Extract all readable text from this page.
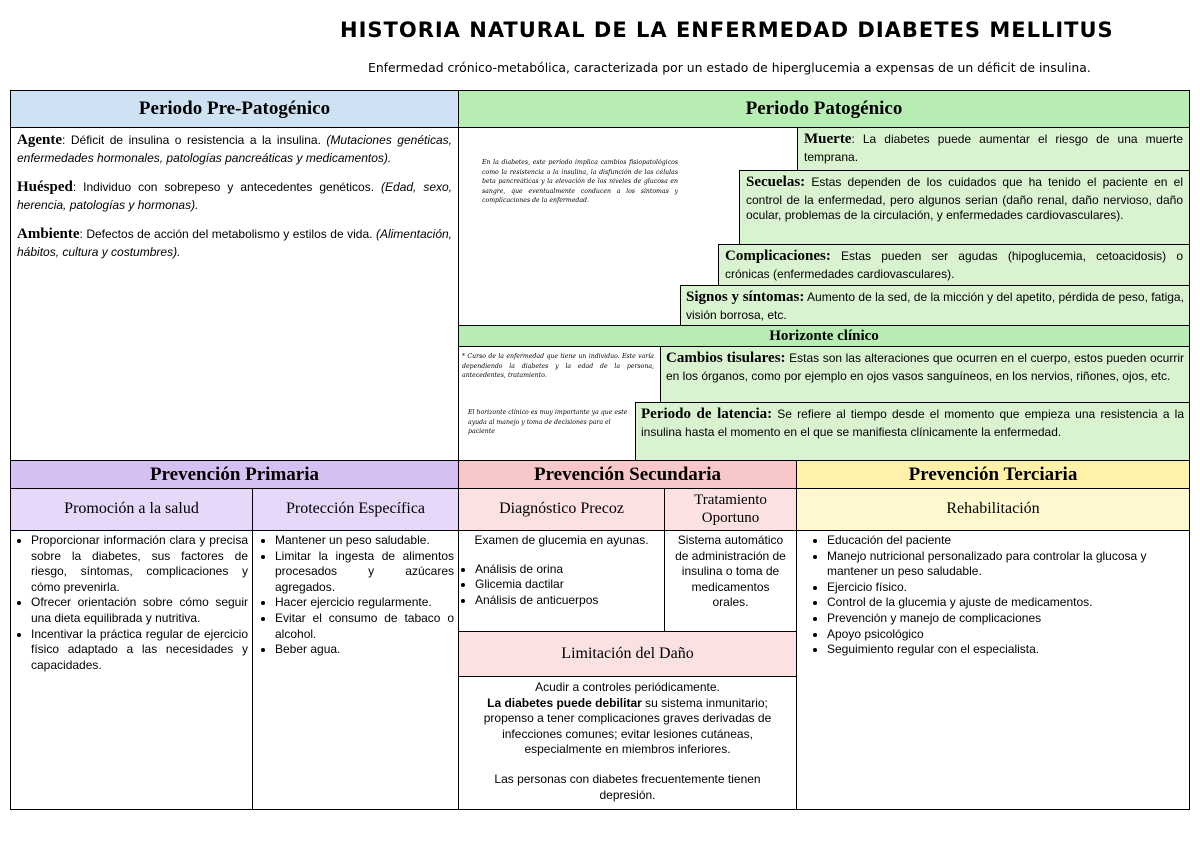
HISTORIA NATURAL DE LA ENFERMEDAD DIABETES MELLITUS
Enfermedad crónico-metabólica, caracterizada por un estado de hiperglucemia a expensas de un déficit de insulina.
Periodo Pre-Patogénico
Agente: Déficit de insulina o resistencia a la insulina. (Mutaciones genéticas, enfermedades hormonales, patologías pancreáticas y medicamentos).
Huésped: Individuo con sobrepeso y antecedentes genéticos. (Edad, sexo, herencia, patologías y hormonas).
Ambiente: Defectos de acción del metabolismo y estilos de vida. (Alimentación, hábitos, cultura y costumbres).
Periodo Patogénico
En la diabetes, este período implica cambios fisiopatológicos como la resistencia a la insulina, la disfunción de las células beta pancreáticas y la elevación de los niveles de glucosa en sangre, que eventualmente conducen a los síntomas y complicaciones de la enfermedad.
Muerte: La diabetes puede aumentar el riesgo de una muerte temprana.
Secuelas: Estas dependen de los cuidados que ha tenido el paciente en el control de la enfermedad, pero algunos serian (daño renal, daño nervioso, daño ocular, problemas de la circulación, y enfermedades cardiovasculares).
Complicaciones: Estas pueden ser agudas (hipoglucemia, cetoacidosis) o crónicas (enfermedades cardiovasculares).
Signos y síntomas: Aumento de la sed, de la micción y del apetito, pérdida de peso, fatiga, visión borrosa, etc.
Horizonte clínico
* Curso de la enfermedad que tiene un individuo. Este varía dependiendo la diabetes y la edad de la persona, antecedentes, tratamiento.
El horizonte clínico es muy importante ya que este ayuda al manejo y toma de decisiones para el paciente
Cambios tisulares: Estas son las alteraciones que ocurren en el cuerpo, estos pueden ocurrir en los órganos, como por ejemplo en ojos vasos sanguíneos, en los nervios, riñones, ojos, etc.
Periodo de latencia: Se refiere al tiempo desde el momento que empieza una resistencia a la insulina hasta el momento en el que se manifiesta clínicamente la enfermedad.
Prevención Primaria
Promoción a la salud	Protección Específica
• Proporcionar información clara y precisa sobre la diabetes, sus factores de riesgo, síntomas, complicaciones y cómo prevenirla.
• Ofrecer orientación sobre cómo seguir una dieta equilibrada y nutritiva.
• Incentivar la práctica regular de ejercicio físico adaptado a las necesidades y capacidades.
• Mantener un peso saludable.
• Limitar la ingesta de alimentos procesados y azúcares agregados.
• Hacer ejercicio regularmente.
• Evitar el consumo de tabaco o alcohol.
• Beber agua.
Prevención Secundaria
Diagnóstico Precoz
Tratamiento Oportuno
Examen de glucemia en ayunas.
• Análisis de orina
• Glicemia dactilar
• Análisis de anticuerpos
Sistema automático de administración de insulina o toma de medicamentos orales.
Limitación del Daño
Acudir a controles periódicamente.
La diabetes puede debilitar su sistema inmunitario; propenso a tener complicaciones graves derivadas de infecciones comunes; evitar lesiones cutáneas, especialmente en miembros inferiores.
Las personas con diabetes frecuentemente tienen depresión.
Prevención Terciaria
Rehabilitación
• Educación del paciente
• Manejo nutricional personalizado para controlar la glucosa y mantener un peso saludable.
• Ejercicio físico.
• Control de la glucemia y ajuste de medicamentos.
• Prevención y manejo de complicaciones
• Apoyo psicológico
• Seguimiento regular con el especialista.
